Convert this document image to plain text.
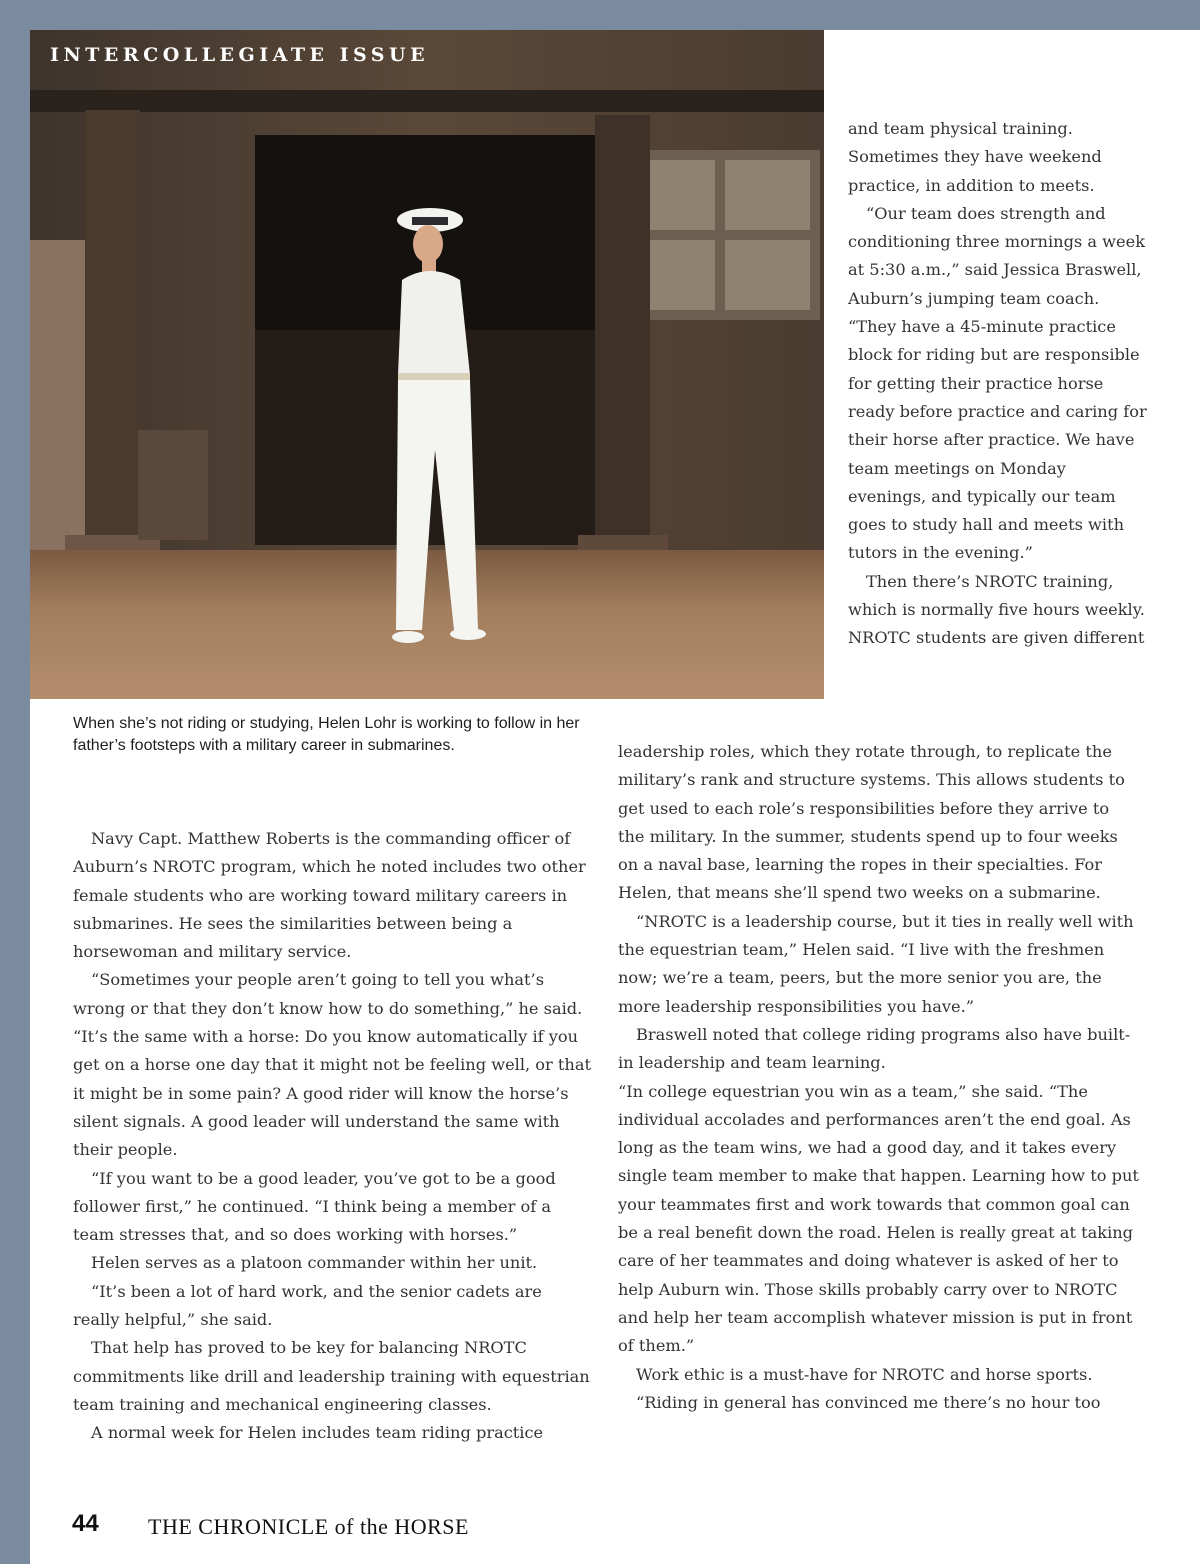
INTERCOLLEGIATE ISSUE

When she’s not riding or studying, Helen Lohr is working to follow in her father’s footsteps with a military career in submarines.

and team physical training. Sometimes they have weekend practice, in addition to meets.

“Our team does strength and conditioning three mornings a week at 5:30 a.m.,” said Jessica Braswell, Auburn’s jumping team coach. “They have a 45-minute practice block for riding but are responsible for getting their practice horse ready before practice and caring for their horse after practice. We have team meetings on Monday evenings, and typically our team goes to study hall and meets with tutors in the evening.”

Then there’s NROTC training, which is normally five hours weekly. NROTC students are given different

leadership roles, which they rotate through, to replicate the military’s rank and structure systems. This allows students to get used to each role’s responsibilities before they arrive to the military. In the summer, students spend up to four weeks on a naval base, learning the ropes in their specialties. For Helen, that means she’ll spend two weeks on a submarine.

“NROTC is a leadership course, but it ties in really well with the equestrian team,” Helen said. “I live with the freshmen now; we’re a team, peers, but the more senior you are, the more leadership responsibilities you have.”

Braswell noted that college riding programs also have built-in leadership and team learning.

“In college equestrian you win as a team,” she said. “The individual accolades and performances aren’t the end goal. As long as the team wins, we had a good day, and it takes every single team member to make that happen. Learning how to put your teammates first and work towards that common goal can be a real benefit down the road. Helen is really great at taking care of her teammates and doing whatever is asked of her to help Auburn win. Those skills probably carry over to NROTC and help her team accomplish whatever mission is put in front of them.”

Work ethic is a must-have for NROTC and horse sports.

“Riding in general has convinced me there’s no hour too

Navy Capt. Matthew Roberts is the commanding officer of Auburn’s NROTC program, which he noted includes two other female students who are working toward military careers in submarines. He sees the similarities between being a horsewoman and military service.

“Sometimes your people aren’t going to tell you what’s wrong or that they don’t know how to do something,” he said. “It’s the same with a horse: Do you know automatically if you get on a horse one day that it might not be feeling well, or that it might be in some pain? A good rider will know the horse’s silent signals. A good leader will understand the same with their people.

“If you want to be a good leader, you’ve got to be a good follower first,” he continued. “I think being a member of a team stresses that, and so does working with horses.”

Helen serves as a platoon commander within her unit.

“It’s been a lot of hard work, and the senior cadets are really helpful,” she said.

That help has proved to be key for balancing NROTC commitments like drill and leadership training with equestrian team training and mechanical engineering classes.

A normal week for Helen includes team riding practice

44 THE CHRONICLE of the HORSE
